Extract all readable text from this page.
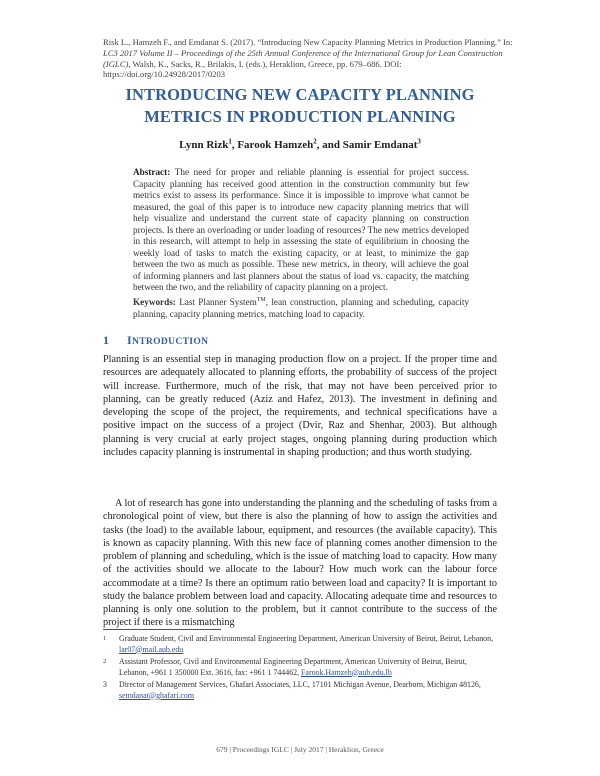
Risk L., Hamzeh F., and Emdanat S. (2017). “Introducing New Capacity Planning Metrics in Production Planning.” In: LC3 2017 Volume II – Proceedings of the 25th Annual Conference of the International Group for Lean Construction (IGLC), Walsh, K., Sacks, R., Brilakis, I. (eds.), Heraklion, Greece, pp. 679–686. DOI: https://doi.org/10.24928/2017/0203
INTRODUCING NEW CAPACITY PLANNING
METRICS IN PRODUCTION PLANNING
Lynn Rizk$^1$, Farook Hamzeh$^2$, and Samir Emdanat$^3$
Abstract: The need for proper and reliable planning is essential for project success. Capacity planning has received good attention in the construction community but few metrics exist to assess its performance. Since it is impossible to improve what cannot be measured, the goal of this paper is to introduce new capacity planning metrics that will help visualize and understand the current state of capacity planning on construction projects. Is there an overloading or under loading of resources? The new metrics developed in this research, will attempt to help in assessing the state of equilibrium in choosing the weekly load of tasks to match the existing capacity, or at least, to minimize the gap between the two as much as possible. These new metrics, in theory, will achieve the goal of informing planners and last planners about the status of load vs. capacity, the matching between the two, and the reliability of capacity planning on a project.
Keywords: Last Planner System™, lean construction, planning and scheduling, capacity planning, capacity planning metrics, matching load to capacity.
1 INTRODUCTION
Planning is an essential step in managing production flow on a project. If the proper time and resources are adequately allocated to planning efforts, the probability of success of the project will increase. Furthermore, much of the risk, that may not have been perceived prior to planning, can be greatly reduced (Aziz and Hafez, 2013). The investment in defining and developing the scope of the project, the requirements, and technical specifications have a positive impact on the success of a project (Dvir, Raz and Shenhar, 2003). But although planning is very crucial at early project stages, ongoing planning during production which includes capacity planning is instrumental in shaping production; and thus worth studying.
A lot of research has gone into understanding the planning and the scheduling of tasks from a chronological point of view, but there is also the planning of how to assign the activities and tasks (the load) to the available labour, equipment, and resources (the available capacity). This is known as capacity planning. With this new face of planning comes another dimension to the problem of planning and scheduling, which is the issue of matching load to capacity. How many of the activities should we allocate to the labour? How much work can the labour force accommodate at a time? Is there an optimum ratio between load and capacity? It is important to study the balance problem between load and capacity. Allocating adequate time and resources to planning is only one solution to the problem, but it cannot contribute to the success of the project if there is a mismatching
1	Graduate Student, Civil and Environmental Engineering Department, American University of Beirut, Beirut, Lebanon, lar07@mail.aub.edu
2	Assistant Professor, Civil and Environmental Engineering Department, American University of Beirut, Beirut, Lebanon, +961 1 350000 Ext. 3616, fax: +961 1 744462, Farook.Hamzeh@aub.edu.lb
3	Director of Management Services, Ghafari Associates, LLC, 17101 Michigan Avenue, Dearborn, Michigan 48126, semdanat@ghafari.com
679 | Proceedings IGLC | July 2017 | Heraklion, Greece
